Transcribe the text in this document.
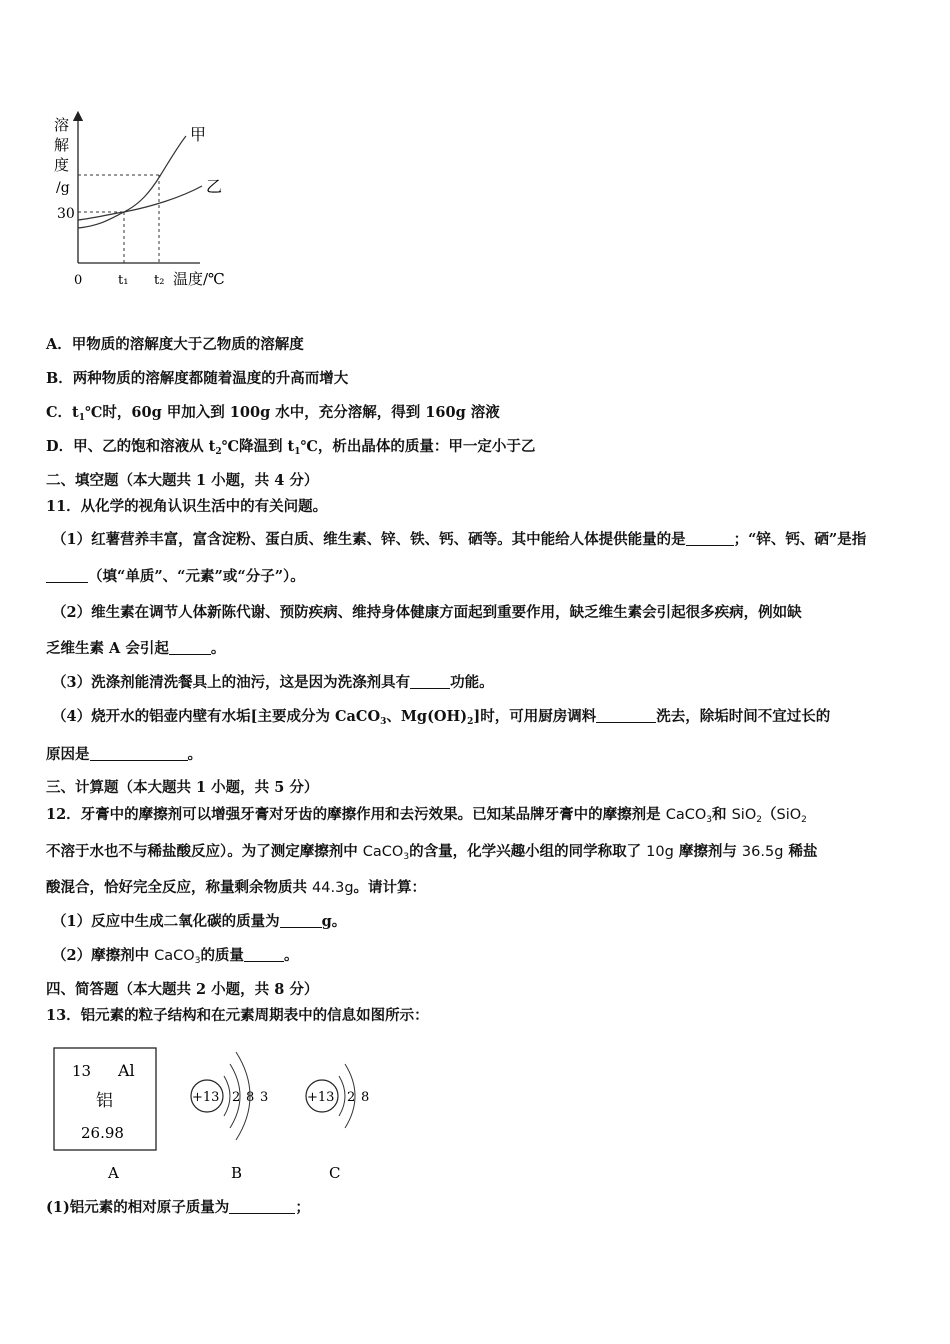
溶
解
度
/g
30
0	t₁ t₂ 温度/℃
甲
乙
A．甲物质的溶解度大于乙物质的溶解度
B．两种物质的溶解度都随着温度的升高而增大
C．$t_1℃$时，60g 甲加入到 100g 水中，充分溶解，得到 160g 溶液
D．甲、乙的饱和溶液从 $t_2℃$降温到 $t_1℃$，析出晶体的质量：甲一定小于乙
二、填空题（本大题共 1 小题，共 4 分）
11．从化学的视角认识生活中的有关问题。
（1）红薯营养丰富，富含淀粉、蛋白质、维生素、锌、铁、钙、硒等。其中能给人体提供能量的是	；“锌、钙、硒”是指
（填“单质”、“元素”或“分子”）。
（2）维生素在调节人体新陈代谢、预防疾病、维持身体健康方面起到重要作用，缺乏维生素会引起很多疾病，例如缺
乏维生素 A 会引起	。
（3）洗涤剂能清洗餐具上的油污，这是因为洗涤剂具有	功能。
（4）烧开水的铝壶内壁有水垢[主要成分为 CaCO$_3$、$Mg(OH)_2$]时，可用厨房调料	洗去，除垢时间不宜过长的
原因是	。
三、计算题（本大题共 1 小题，共 5 分）
12．牙膏中的摩擦剂可以增强牙膏对牙齿的摩擦作用和去污效果。已知某品牌牙膏中的摩擦剂是 CaCO$_3$和 SiO$_2$（SiO$_2$
不溶于水也不与稀盐酸反应）。为了测定摩擦剂中 CaCO$_3$的含量，化学兴趣小组的同学称取了 10g 摩擦剂与 36.5g 稀盐
酸混合，恰好完全反应，称量剩余物质共 44.3g。请计算：
（1）反应中生成二氧化碳的质量为	g。
（2）摩擦剂中 CaCO$_3$的质量	。
四、简答题（本大题共 2 小题，共 8 分）
13．铝元素的粒子结构和在元素周期表中的信息如图所示：
13 Al
铝
26.98
A	B	C
+13 2 8 3	+13 2 8
(1)铝元素的相对原子质量为	；
